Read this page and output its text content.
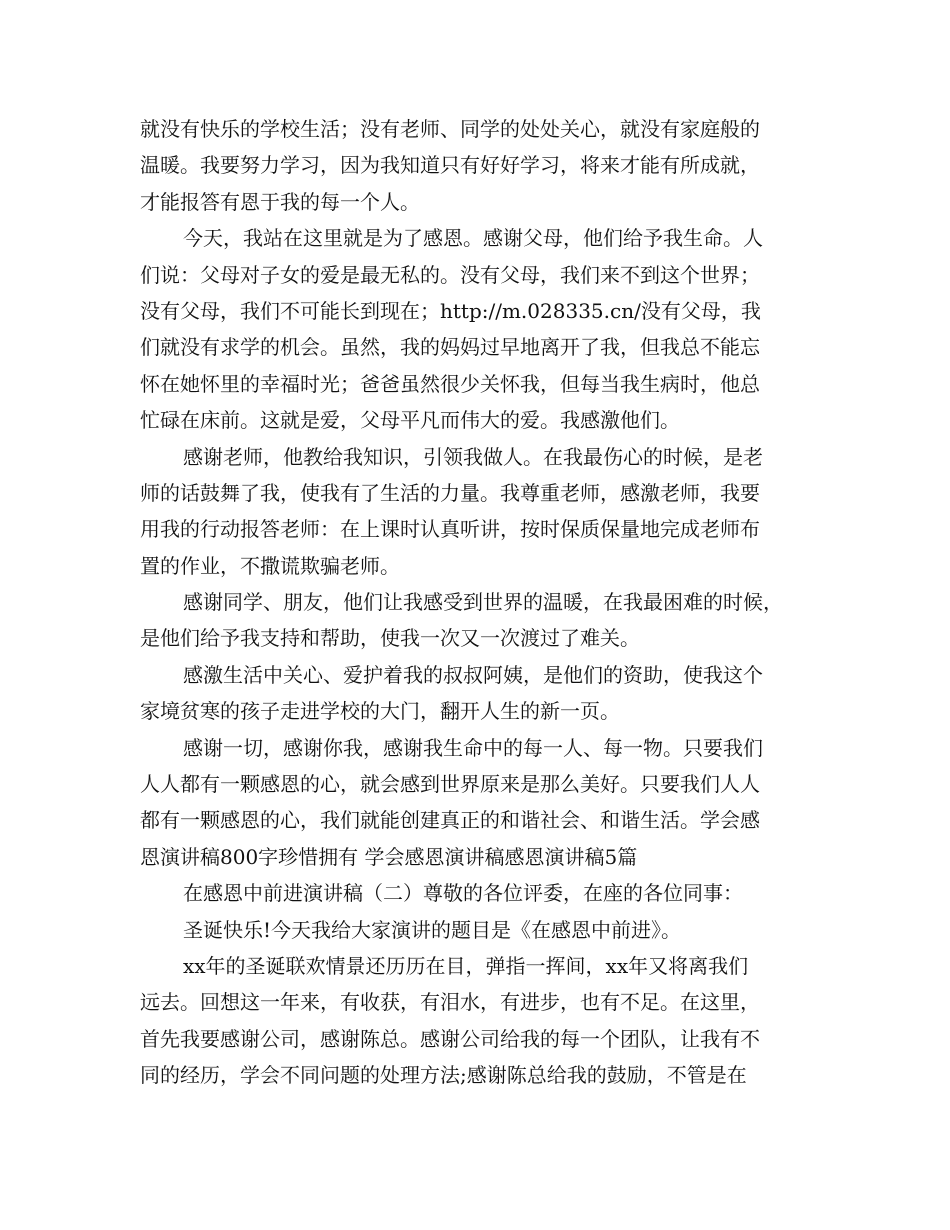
就没有快乐的学校生活；没有老师、同学的处处关心，就没有家庭般的
温暖。我要努力学习，因为我知道只有好好学习，将来才能有所成就，
才能报答有恩于我的每一个人。
今天，我站在这里就是为了感恩。感谢父母，他们给予我生命。人
们说：父母对子女的爱是最无私的。没有父母，我们来不到这个世界；
没有父母，我们不可能长到现在；http://m.028335.cn/没有父母，我
们就没有求学的机会。虽然，我的妈妈过早地离开了我，但我总不能忘
怀在她怀里的幸福时光；爸爸虽然很少关怀我，但每当我生病时，他总
忙碌在床前。这就是爱，父母平凡而伟大的爱。我感激他们。
感谢老师，他教给我知识，引领我做人。在我最伤心的时候，是老
师的话鼓舞了我，使我有了生活的力量。我尊重老师，感激老师，我要
用我的行动报答老师：在上课时认真听讲，按时保质保量地完成老师布
置的作业，不撒谎欺骗老师。
感谢同学、朋友，他们让我感受到世界的温暖，在我最困难的时候，
是他们给予我支持和帮助，使我一次又一次渡过了难关。
感激生活中关心、爱护着我的叔叔阿姨，是他们的资助，使我这个
家境贫寒的孩子走进学校的大门，翻开人生的新一页。
感谢一切，感谢你我，感谢我生命中的每一人、每一物。只要我们
人人都有一颗感恩的心，就会感到世界原来是那么美好。只要我们人人
都有一颗感恩的心，我们就能创建真正的和谐社会、和谐生活。学会感
恩演讲稿800字珍惜拥有 学会感恩演讲稿感恩演讲稿5篇
在感恩中前进演讲稿（二）尊敬的各位评委，在座的各位同事：
圣诞快乐!今天我给大家演讲的题目是《在感恩中前进》。
xx年的圣诞联欢情景还历历在目，弹指一挥间，xx年又将离我们
远去。回想这一年来，有收获，有泪水，有进步，也有不足。在这里，
首先我要感谢公司，感谢陈总。感谢公司给我的每一个团队，让我有不
同的经历，学会不同问题的处理方法;感谢陈总给我的鼓励，不管是在
